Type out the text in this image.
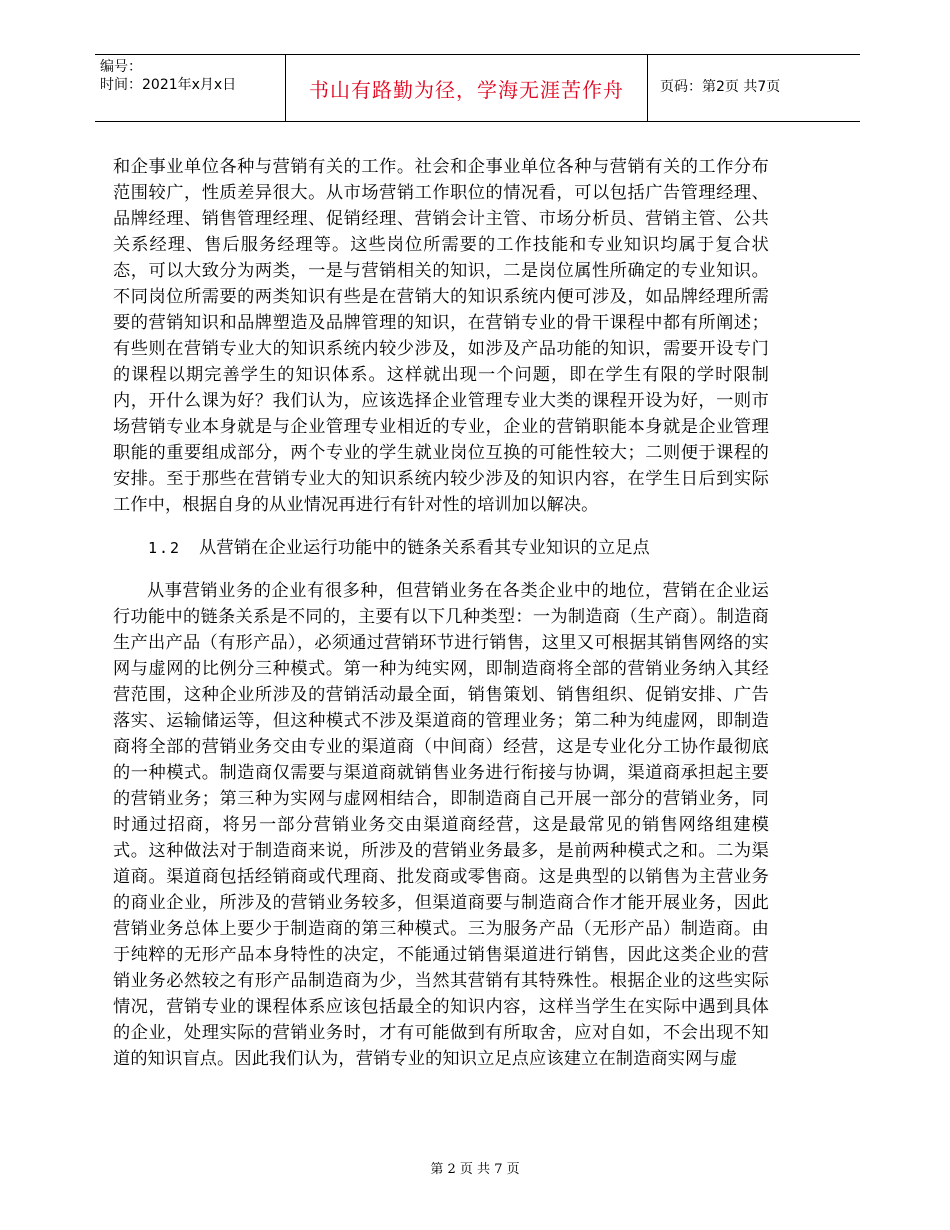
编号：
时间：2021年x月x日	书山有路勤为径，学海无涯苦作舟	页码：第2页 共7页

和企事业单位各种与营销有关的工作。社会和企事业单位各种与营销有关的工作分布范围较广，性质差异很大。从市场营销工作职位的情况看，可以包括广告管理经理、品牌经理、销售管理经理、促销经理、营销会计主管、市场分析员、营销主管、公共关系经理、售后服务经理等。这些岗位所需要的工作技能和专业知识均属于复合状态，可以大致分为两类，一是与营销相关的知识，二是岗位属性所确定的专业知识。不同岗位所需要的两类知识有些是在营销大的知识系统内便可涉及，如品牌经理所需要的营销知识和品牌塑造及品牌管理的知识，在营销专业的骨干课程中都有所阐述；有些则在营销专业大的知识系统内较少涉及，如涉及产品功能的知识，需要开设专门的课程以期完善学生的知识体系。这样就出现一个问题，即在学生有限的学时限制内，开什么课为好？我们认为，应该选择企业管理专业大类的课程开设为好，一则市场营销专业本身就是与企业管理专业相近的专业，企业的营销职能本身就是企业管理职能的重要组成部分，两个专业的学生就业岗位互换的可能性较大；二则便于课程的安排。至于那些在营销专业大的知识系统内较少涉及的知识内容，在学生日后到实际工作中，根据自身的从业情况再进行有针对性的培训加以解决。

1.2 从营销在企业运行功能中的链条关系看其专业知识的立足点

从事营销业务的企业有很多种，但营销业务在各类企业中的地位，营销在企业运行功能中的链条关系是不同的，主要有以下几种类型：一为制造商（生产商）。制造商生产出产品（有形产品），必须通过营销环节进行销售，这里又可根据其销售网络的实网与虚网的比例分三种模式。第一种为纯实网，即制造商将全部的营销业务纳入其经营范围，这种企业所涉及的营销活动最全面，销售策划、销售组织、促销安排、广告落实、运输储运等，但这种模式不涉及渠道商的管理业务；第二种为纯虚网，即制造商将全部的营销业务交由专业的渠道商（中间商）经营，这是专业化分工协作最彻底的一种模式。制造商仅需要与渠道商就销售业务进行衔接与协调，渠道商承担起主要的营销业务；第三种为实网与虚网相结合，即制造商自己开展一部分的营销业务，同时通过招商，将另一部分营销业务交由渠道商经营，这是最常见的销售网络组建模式。这种做法对于制造商来说，所涉及的营销业务最多，是前两种模式之和。二为渠道商。渠道商包括经销商或代理商、批发商或零售商。这是典型的以销售为主营业务的商业企业，所涉及的营销业务较多，但渠道商要与制造商合作才能开展业务，因此营销业务总体上要少于制造商的第三种模式。三为服务产品（无形产品）制造商。由于纯粹的无形产品本身特性的决定，不能通过销售渠道进行销售，因此这类企业的营销业务必然较之有形产品制造商为少，当然其营销有其特殊性。根据企业的这些实际情况，营销专业的课程体系应该包括最全的知识内容，这样当学生在实际中遇到具体的企业，处理实际的营销业务时，才有可能做到有所取舍，应对自如，不会出现不知道的知识盲点。因此我们认为，营销专业的知识立足点应该建立在制造商实网与虚

第 2 页 共 7 页
